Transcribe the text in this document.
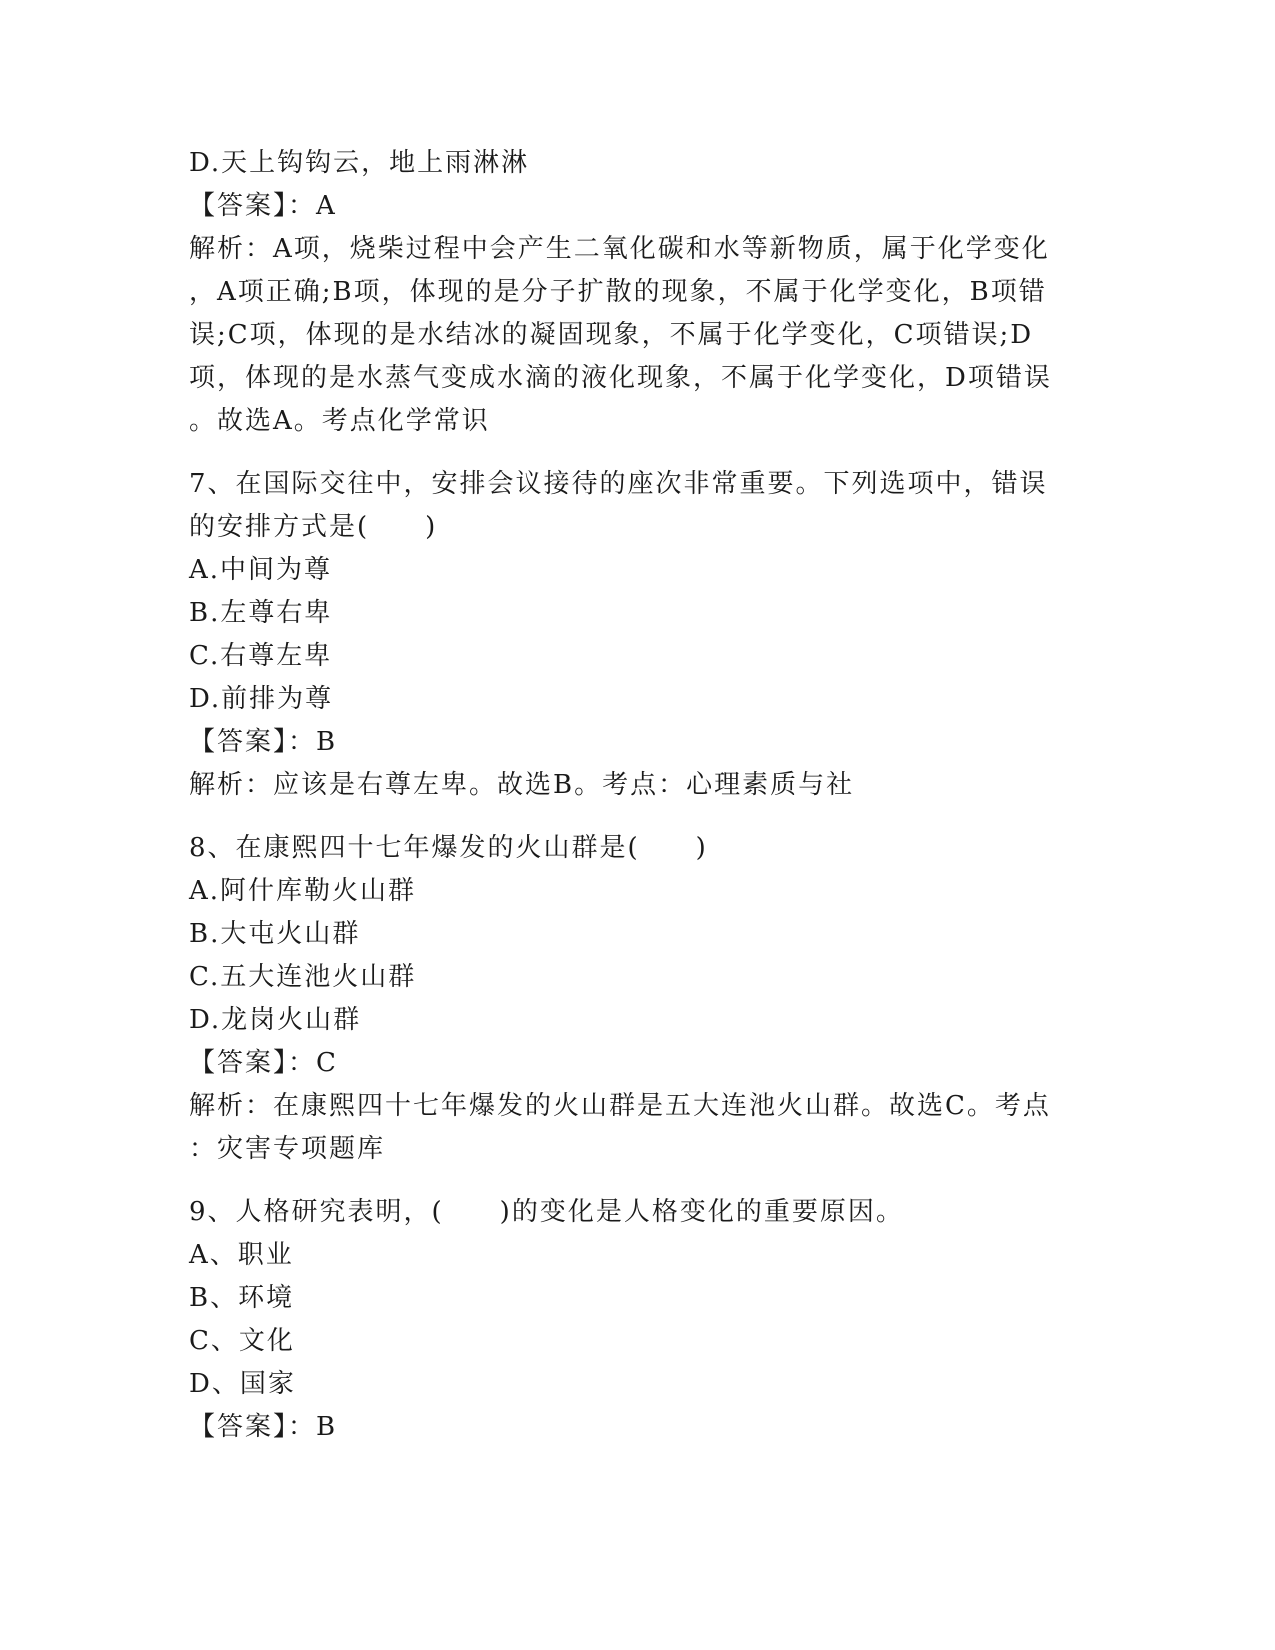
D.天上钩钩云，地上雨淋淋
【答案】：A
解析：A项，烧柴过程中会产生二氧化碳和水等新物质，属于化学变化
，A项正确;B项，体现的是分子扩散的现象，不属于化学变化，B项错
误;C项，体现的是水结冰的凝固现象，不属于化学变化，C项错误;D
项，体现的是水蒸气变成水滴的液化现象，不属于化学变化，D项错误
。故选A。考点化学常识
7、在国际交往中，安排会议接待的座次非常重要。下列选项中，错误
的安排方式是(　　)
A.中间为尊
B.左尊右卑
C.右尊左卑
D.前排为尊
【答案】：B
解析：应该是右尊左卑。故选B。考点：心理素质与社
8、在康熙四十七年爆发的火山群是(　　)
A.阿什库勒火山群
B.大屯火山群
C.五大连池火山群
D.龙岗火山群
【答案】：C
解析：在康熙四十七年爆发的火山群是五大连池火山群。故选C。考点
：灾害专项题库
9、人格研究表明，(　　)的变化是人格变化的重要原因。
A、职业
B、环境
C、文化
D、国家
【答案】：B
